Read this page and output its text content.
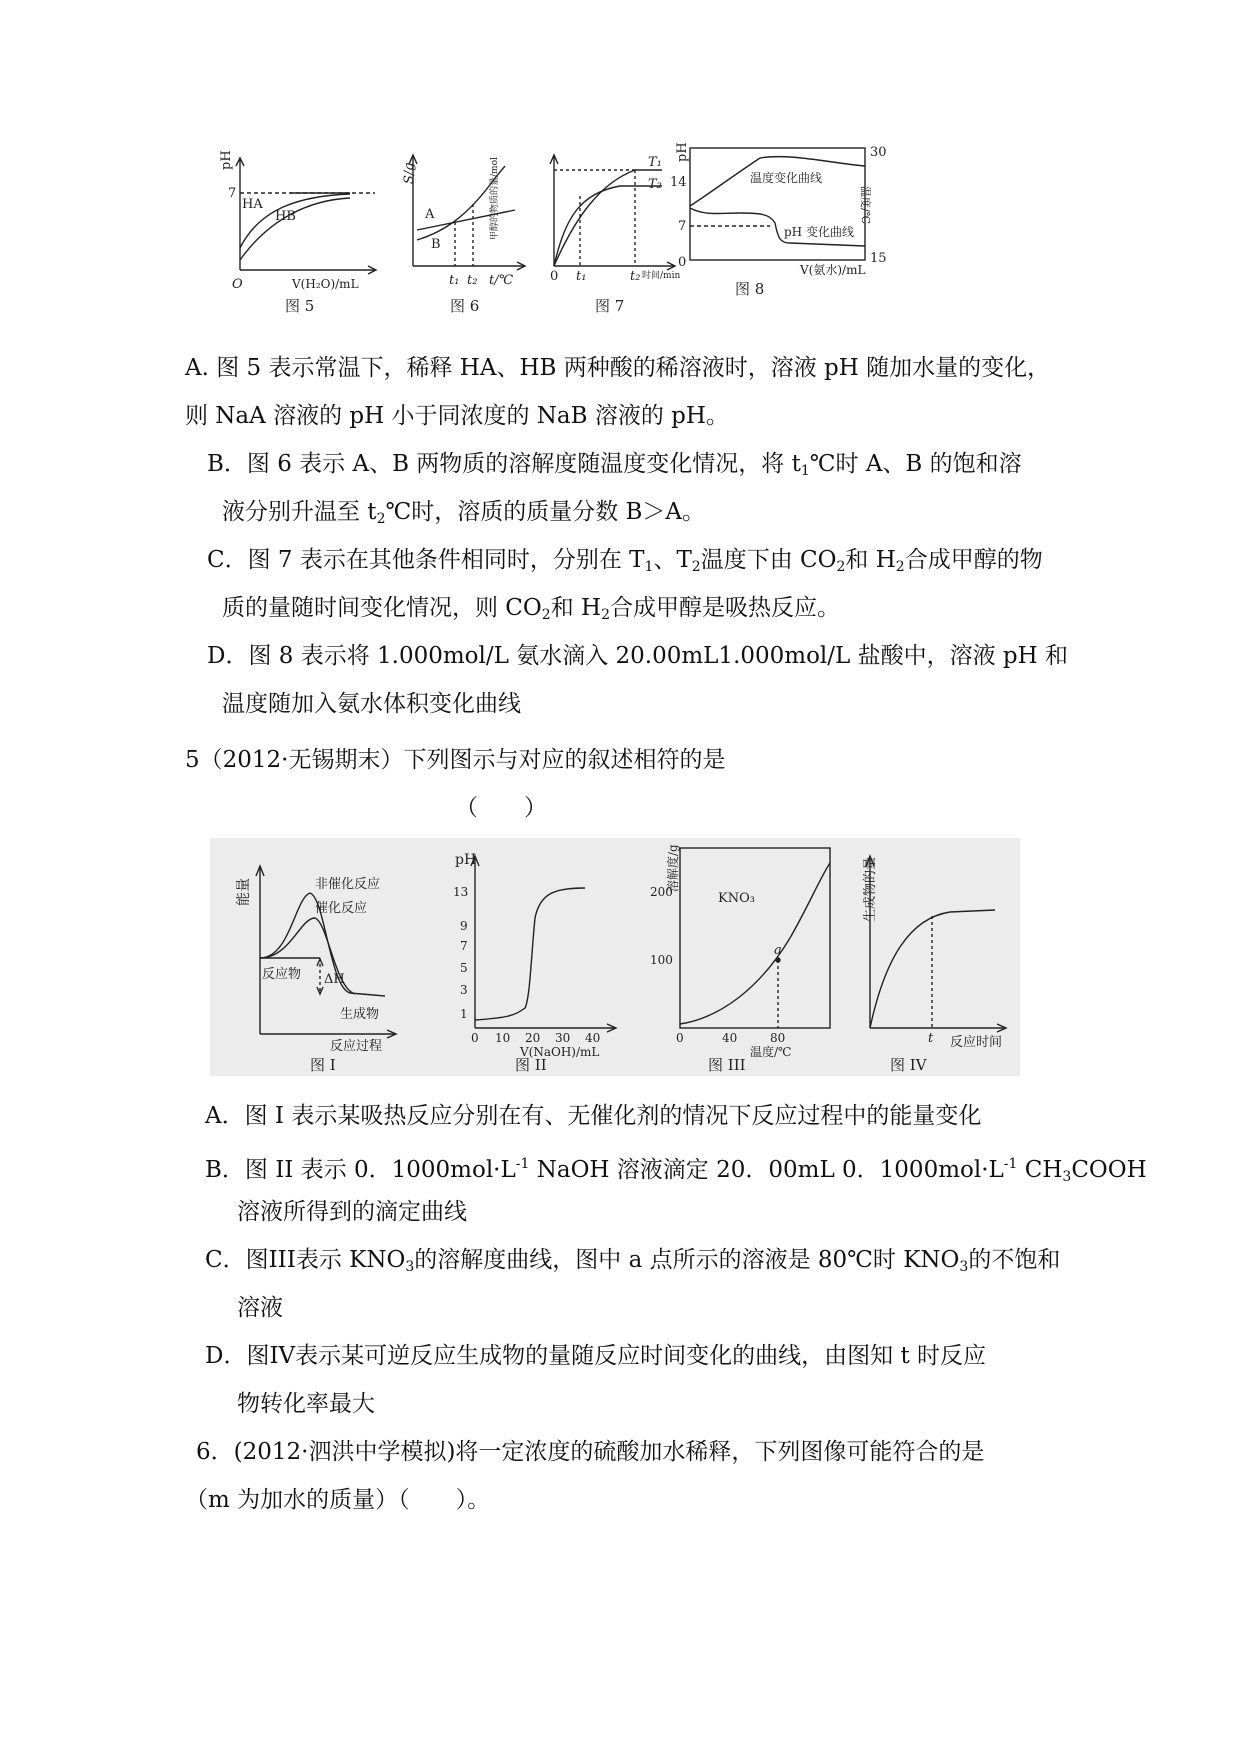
pH
7
HA
HB
O	V(H₂O)/mL
图 5
S/g
A
B
t₁ t₂ t/℃
图 6
甲醇的物质的量/mol	T₁
T₂
0 t₁	t₂ 时间/min
图 7
pH
14
7
0
30
15
温度/℃
温度变化曲线
pH 变化曲线
V(氨水)/mL
图 8
A. 图 5 表示常温下，稀释 HA、HB 两种酸的稀溶液时，溶液 pH 随加水量的变化，
则 NaA 溶液的 pH 小于同浓度的 NaB 溶液的 pH。
B．图 6 表示 A、B 两物质的溶解度随温度变化情况，将 $t_1℃$时 A、B 的饱和溶
液分别升温至 $t_2℃$时，溶质的质量分数 B＞A。
C．图 7 表示在其他条件相同时，分别在 $T_1$、$T_2$温度下由 $CO_2$和 $H_2$合成甲醇的物
质的量随时间变化情况，则 $CO_2$和 $H_2$合成甲醇是吸热反应。
D．图 8 表示将 1.000mol/L 氨水滴入 20.00mL1.000mol/L 盐酸中，溶液 pH 和
温度随加入氨水体积变化曲线
5（2012·无锡期末）下列图示与对应的叙述相符的是
（　　）
能量	非催化反应
催化反应
反应物 ΔH
生成物
反应过程
图 I
pH
13
9
7
5
3
1
0 10 20 30 40
V(NaOH)/mL
图 II
溶解度/g
200
100
0	40	80
KNO₃
a
温度/℃
图 III
生成物的量
t 反应时间
图 IV
A．图 I 表示某吸热反应分别在有、无催化剂的情况下反应过程中的能量变化
B．图 II 表示 0．$1000mol\cdot L^{-1}$ NaOH 溶液滴定 20．00mL 0．$1000mol\cdot L^{-1}$ $CH_3COOH$
溶液所得到的滴定曲线
C．图III表示 $KNO_3$的溶解度曲线，图中 a 点所示的溶液是 80℃时 $KNO_3$的不饱和
溶液
D．图IV表示某可逆反应生成物的量随反应时间变化的曲线，由图知 t 时反应
物转化率最大
6．(2012·泗洪中学模拟)将一定浓度的硫酸加水稀释，下列图像可能符合的是
（m 为加水的质量）（　　）。
